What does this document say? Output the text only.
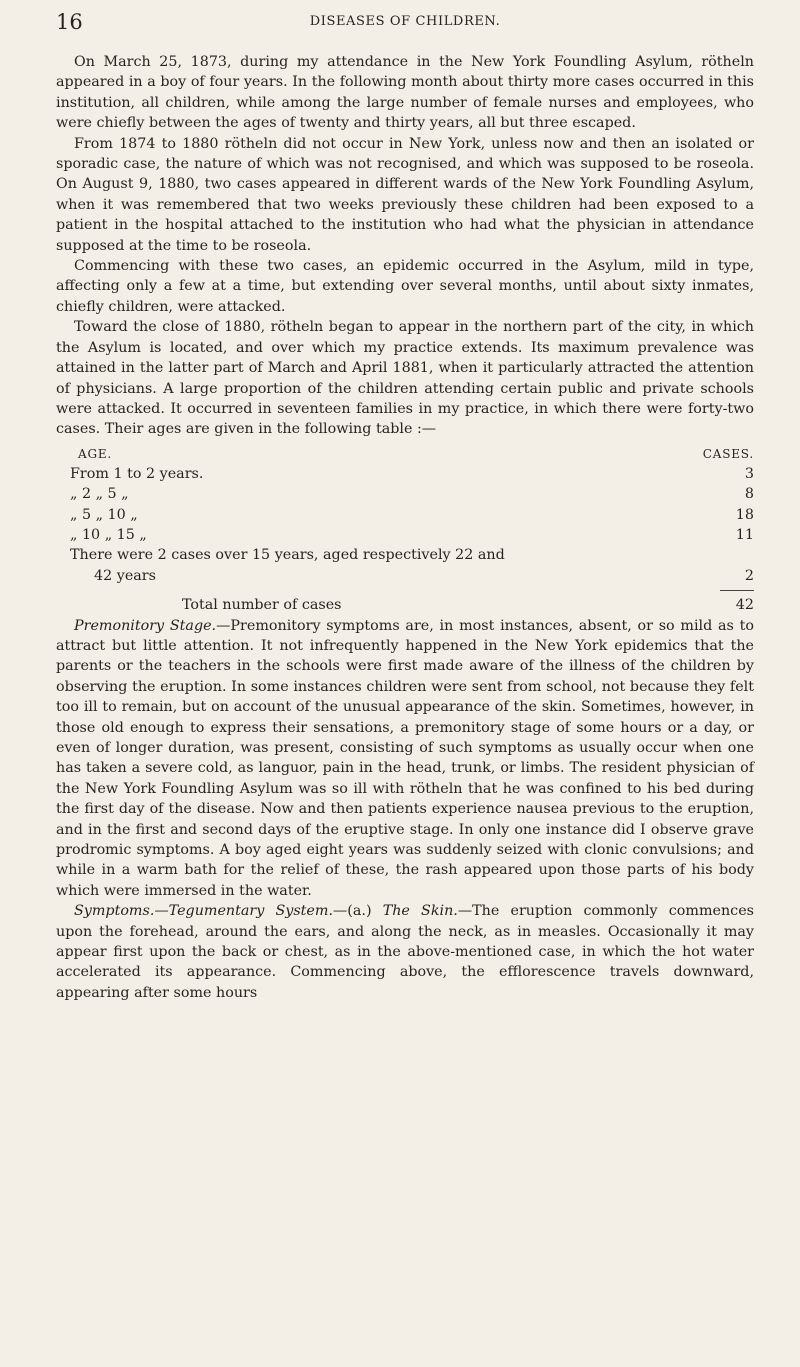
16	DISEASES OF CHILDREN.

On March 25, 1873, during my attendance in the New York Foundling Asylum, rötheln appeared in a boy of four years. In the following month about thirty more cases occurred in this institution, all children, while among the large number of female nurses and employees, who were chiefly between the ages of twenty and thirty years, all but three escaped.

From 1874 to 1880 rötheln did not occur in New York, unless now and then an isolated or sporadic case, the nature of which was not recognised, and which was supposed to be roseola. On August 9, 1880, two cases appeared in different wards of the New York Foundling Asylum, when it was remembered that two weeks previously these children had been exposed to a patient in the hospital attached to the institution who had what the physician in attendance supposed at the time to be roseola.

Commencing with these two cases, an epidemic occurred in the Asylum, mild in type, affecting only a few at a time, but extending over several months, until about sixty inmates, chiefly children, were attacked.

Toward the close of 1880, rötheln began to appear in the northern part of the city, in which the Asylum is located, and over which my practice extends. Its maximum prevalence was attained in the latter part of March and April 1881, when it particularly attracted the attention of physicians. A large proportion of the children attending certain public and private schools were attacked. It occurred in seventeen families in my practice, in which there were forty-two cases. Their ages are given in the following table :—

AGE.	CASES.
From 1 to 2 years.	3
„ 2 „ 5 „	8
„ 5 „ 10 „	18
„ 10 „ 15 „	11
There were 2 cases over 15 years, aged respectively 22 and
42 years	2
Total number of cases	42

Premonitory Stage.—Premonitory symptoms are, in most instances, absent, or so mild as to attract but little attention. It not infrequently happened in the New York epidemics that the parents or the teachers in the schools were first made aware of the illness of the children by observing the eruption. In some instances children were sent from school, not because they felt too ill to remain, but on account of the unusual appearance of the skin. Sometimes, however, in those old enough to express their sensations, a premonitory stage of some hours or a day, or even of longer duration, was present, consisting of such symptoms as usually occur when one has taken a severe cold, as languor, pain in the head, trunk, or limbs. The resident physician of the New York Foundling Asylum was so ill with rötheln that he was confined to his bed during the first day of the disease. Now and then patients experience nausea previous to the eruption, and in the first and second days of the eruptive stage. In only one instance did I observe grave prodromic symptoms. A boy aged eight years was suddenly seized with clonic convulsions; and while in a warm bath for the relief of these, the rash appeared upon those parts of his body which were immersed in the water.

Symptoms.—Tegumentary System.—(a.) The Skin.—The eruption commonly commences upon the forehead, around the ears, and along the neck, as in measles. Occasionally it may appear first upon the back or chest, as in the above-mentioned case, in which the hot water accelerated its appearance. Commencing above, the efflorescence travels downward, appearing after some hours
